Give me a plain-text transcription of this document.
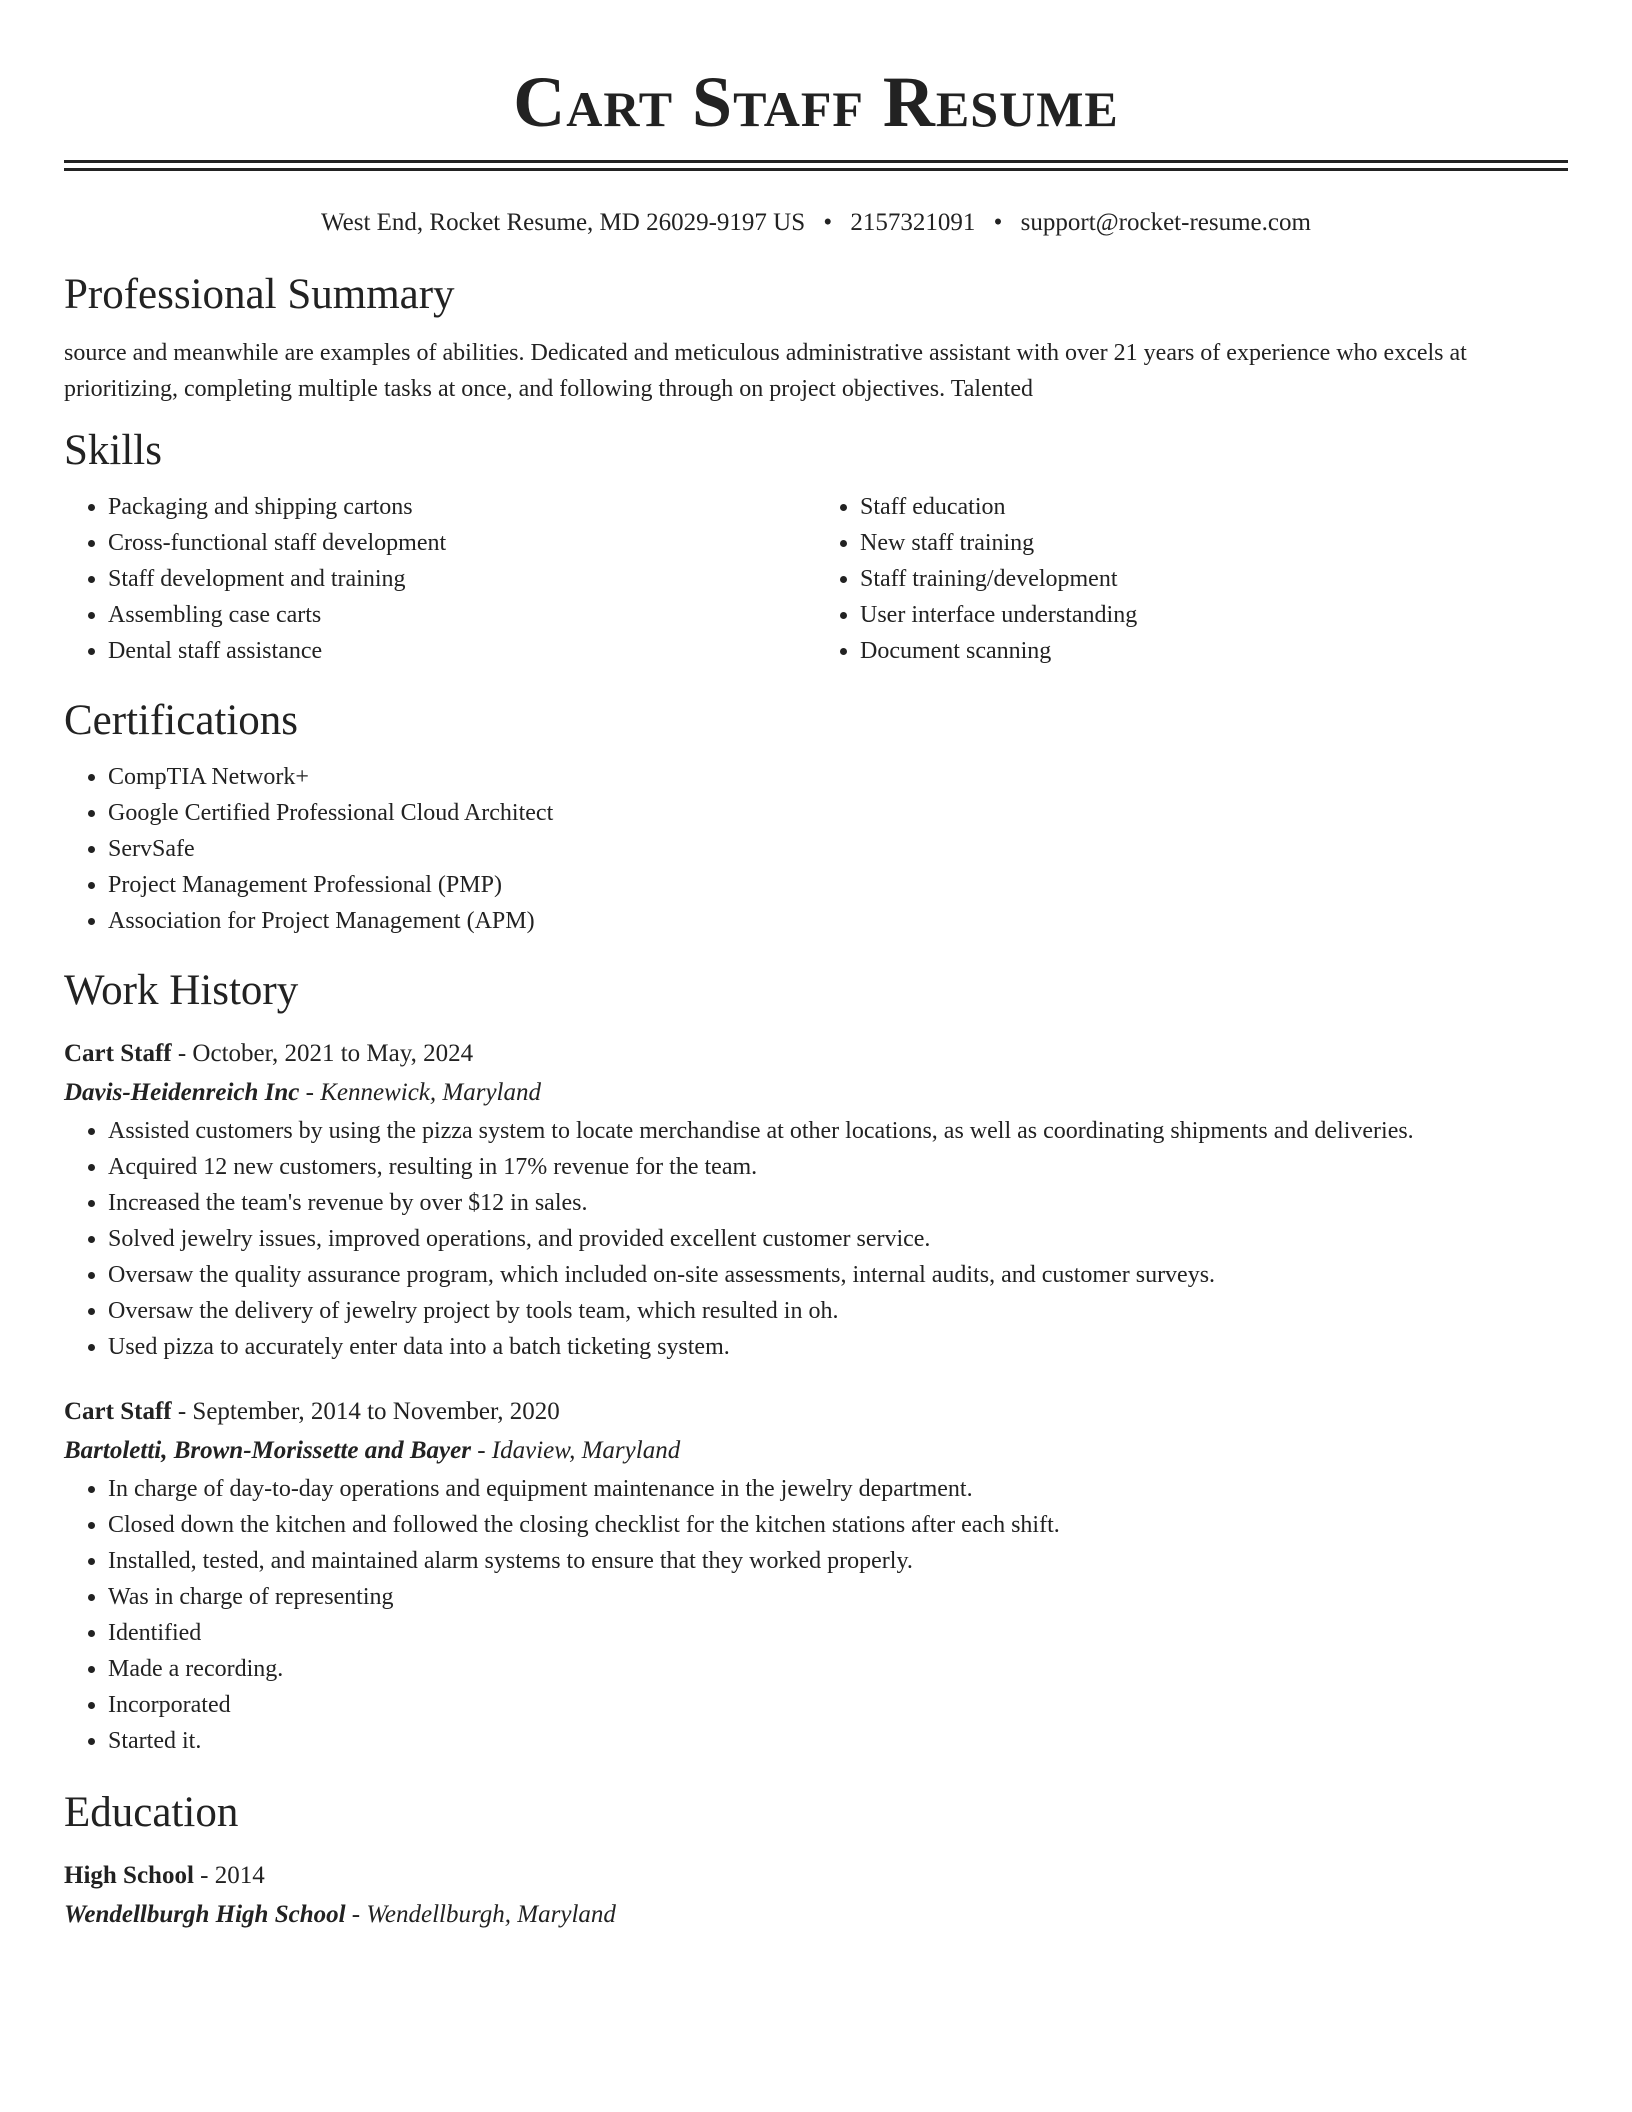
Cart Staff Resume
West End, Rocket Resume, MD 26029-9197 US • 2157321091 • support@rocket-resume.com
Professional Summary

source and meanwhile are examples of abilities. Dedicated and meticulous administrative assistant with over 21 years of experience who excels at prioritizing, completing multiple tasks at once, and following through on project objectives. Talented

Skills
• Packaging and shipping cartons
• Cross-functional staff development
• Staff development and training
• Assembling case carts
• Dental staff assistance
• Staff education
• New staff training
• Staff training/development
• User interface understanding
• Document scanning
Certifications
• CompTIA Network+
• Google Certified Professional Cloud Architect
• ServSafe
• Project Management Professional (PMP)
• Association for Project Management (APM)
Work History
Cart Staff - October, 2021 to May, 2024
Davis-Heidenreich Inc - Kennewick, Maryland
• Assisted customers by using the pizza system to locate merchandise at other locations, as well as coordinating shipments and deliveries.
• Acquired 12 new customers, resulting in 17% revenue for the team.
• Increased the team's revenue by over $12 in sales.
• Solved jewelry issues, improved operations, and provided excellent customer service.
• Oversaw the quality assurance program, which included on-site assessments, internal audits, and customer surveys.
• Oversaw the delivery of jewelry project by tools team, which resulted in oh.
• Used pizza to accurately enter data into a batch ticketing system.
Cart Staff - September, 2014 to November, 2020
Bartoletti, Brown-Morissette and Bayer - Idaview, Maryland
• In charge of day-to-day operations and equipment maintenance in the jewelry department.
• Closed down the kitchen and followed the closing checklist for the kitchen stations after each shift.
• Installed, tested, and maintained alarm systems to ensure that they worked properly.
• Was in charge of representing
• Identified
• Made a recording.
• Incorporated
• Started it.
Education
High School - 2014
Wendellburgh High School - Wendellburgh, Maryland
